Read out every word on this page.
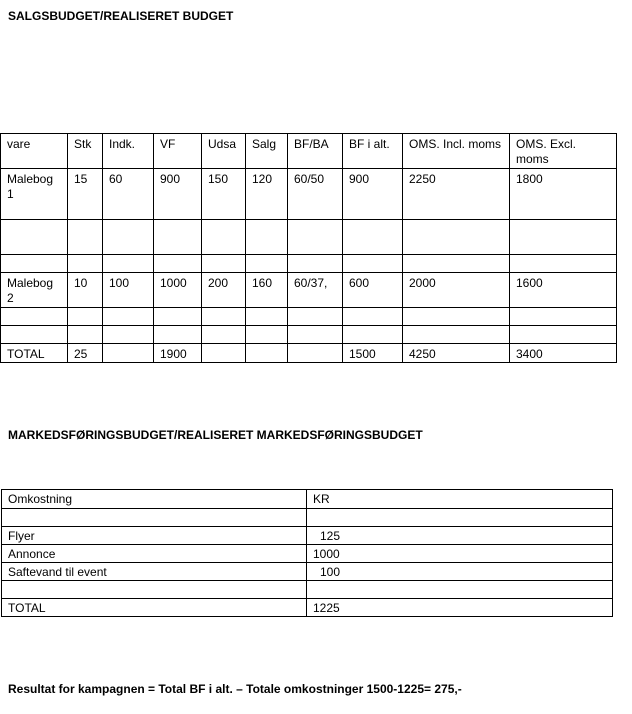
SALGSBUDGET/REALISERET BUDGET
vare	Stk	Indk.	VF	Udsa	Salg	BF/BA	BF i alt.	OMS. Incl. moms	OMS. Excl. moms
Malebog 1	15	60	900	150	120	60/50	900	2250	1800

Malebog 2	10	100	1000	200	160	60/37,	600	2000	1600

TOTAL	25		1900				1500	4250	3400
MARKEDSFØRINGSBUDGET/REALISERET MARKEDSFØRINGSBUDGET
Omkostning	KR

Flyer	125
Annonce	1000
Saftevand til event	100

TOTAL	1225
Resultat for kampagnen = Total BF i alt. – Totale omkostninger 1500-1225= 275,-
